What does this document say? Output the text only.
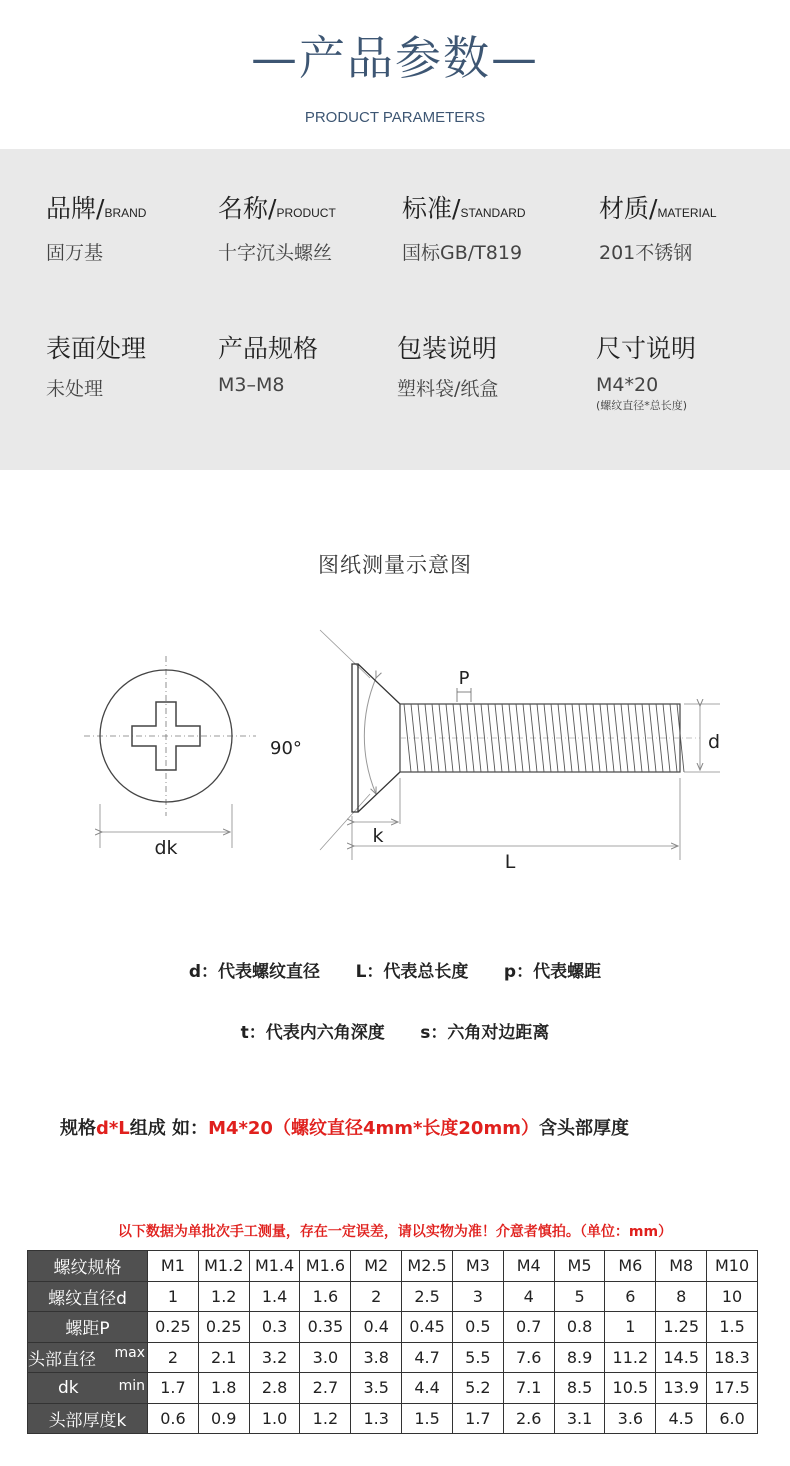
—产品参数—
PRODUCT PARAMETERS
品牌/BRAND
固万基
名称/PRODUCT
十字沉头螺丝
标准/STANDARD
国标GB/T819
材质/MATERIAL
201不锈钢
表面处理
未处理
产品规格
M3–M8
包装说明
塑料袋/纸盒
尺寸说明
M4*20
(螺纹直径*总长度)
图纸测量示意图
dk
90°	d
P
k
L
d：代表螺纹直径      L：代表总长度      p：代表螺距
t：代表内六角深度      s：六角对边距离
规格d*L组成 如：M4*20（螺纹直径4mm*长度20mm）含头部厚度
以下数据为单批次手工测量，存在一定误差，请以实物为准！介意者慎拍。（单位：mm）
螺纹规格	M1	M1.2	M1.4	M1.6	M2	M2.5	M3	M4	M5	M6	M8	M10
螺纹直径d	1	1.2	1.4	1.6	2	2.5	3	4	5	6	8	10
螺距P	0.25	0.25	0.3	0.35	0.4	0.45	0.5	0.7	0.8	1	1.25	1.5
头部直径 max	2	2.1	3.2	3.0	3.8	4.7	5.5	7.6	8.9	11.2	14.5	18.3
dk min	1.7	1.8	2.8	2.7	3.5	4.4	5.2	7.1	8.5	10.5	13.9	17.5
头部厚度k	0.6	0.9	1.0	1.2	1.3	1.5	1.7	2.6	3.1	3.6	4.5	6.0
